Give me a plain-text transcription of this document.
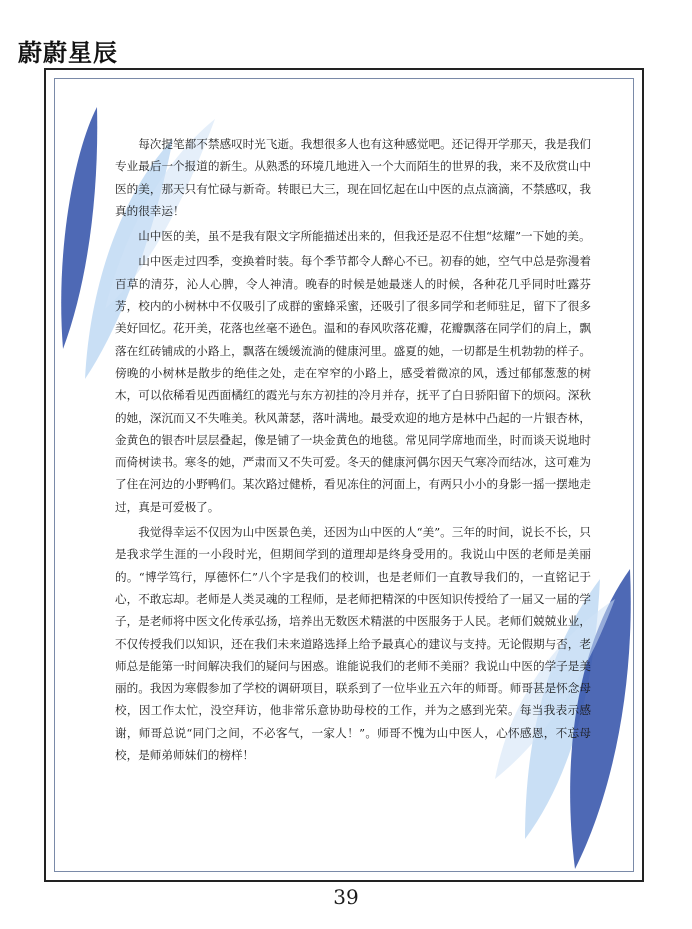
蔚蔚星辰

每次提笔都不禁感叹时光飞逝。我想很多人也有这种感觉吧。还记得开学那天，我是我们专业最后一个报道的新生。从熟悉的环境几地进入一个大而陌生的世界的我，来不及欣赏山中医的美，那天只有忙碌与新奇。转眼已大三，现在回忆起在山中医的点点滴滴，不禁感叹，我真的很幸运！

山中医的美，虽不是我有限文字所能描述出来的，但我还是忍不住想“炫耀”一下她的美。

山中医走过四季，变换着时装。每个季节都令人醉心不已。初春的她，空气中总是弥漫着百草的清芬，沁人心脾，令人神清。晚春的时候是她最迷人的时候，各种花几乎同时吐露芬芳，校内的小树林中不仅吸引了成群的蜜蜂采蜜，还吸引了很多同学和老师驻足，留下了很多美好回忆。花开美，花落也丝毫不逊色。温和的春风吹落花瓣，花瓣飘落在同学们的肩上，飘落在红砖铺成的小路上，飘落在缓缓流淌的健康河里。盛夏的她，一切都是生机勃勃的样子。傍晚的小树林是散步的绝佳之处，走在窄窄的小路上，感受着微凉的风，透过郁郁葱葱的树木，可以依稀看见西面橘红的霞光与东方初挂的冷月并存，抚平了白日骄阳留下的烦闷。深秋的她，深沉而又不失唯美。秋风萧瑟，落叶满地。最受欢迎的地方是林中凸起的一片银杏林，金黄色的银杏叶层层叠起，像是铺了一块金黄色的地毯。常见同学席地而坐，时而谈天说地时而倚树读书。寒冬的她，严肃而又不失可爱。冬天的健康河偶尔因天气寒冷而结冰，这可难为了住在河边的小野鸭们。某次路过健桥，看见冻住的河面上，有两只小小的身影一摇一摆地走过，真是可爱极了。

我觉得幸运不仅因为山中医景色美，还因为山中医的人“美”。三年的时间，说长不长，只是我求学生涯的一小段时光，但期间学到的道理却是终身受用的。我说山中医的老师是美丽的。“博学笃行，厚德怀仁”八个字是我们的校训，也是老师们一直教导我们的，一直铭记于心，不敢忘却。老师是人类灵魂的工程师，是老师把精深的中医知识传授给了一届又一届的学子，是老师将中医文化传承弘扬，培养出无数医术精湛的中医服务于人民。老师们兢兢业业，不仅传授我们以知识，还在我们未来道路选择上给予最真心的建议与支持。无论假期与否，老师总是能第一时间解决我们的疑问与困惑。谁能说我们的老师不美丽？我说山中医的学子是美丽的。我因为寒假参加了学校的调研项目，联系到了一位毕业五六年的师哥。师哥甚是怀念母校，因工作太忙，没空拜访，他非常乐意协助母校的工作，并为之感到光荣。每当我表示感谢，师哥总说“同门之间，不必客气，一家人！”。师哥不愧为山中医人，心怀感恩，不忘母校，是师弟师妹们的榜样！

39
